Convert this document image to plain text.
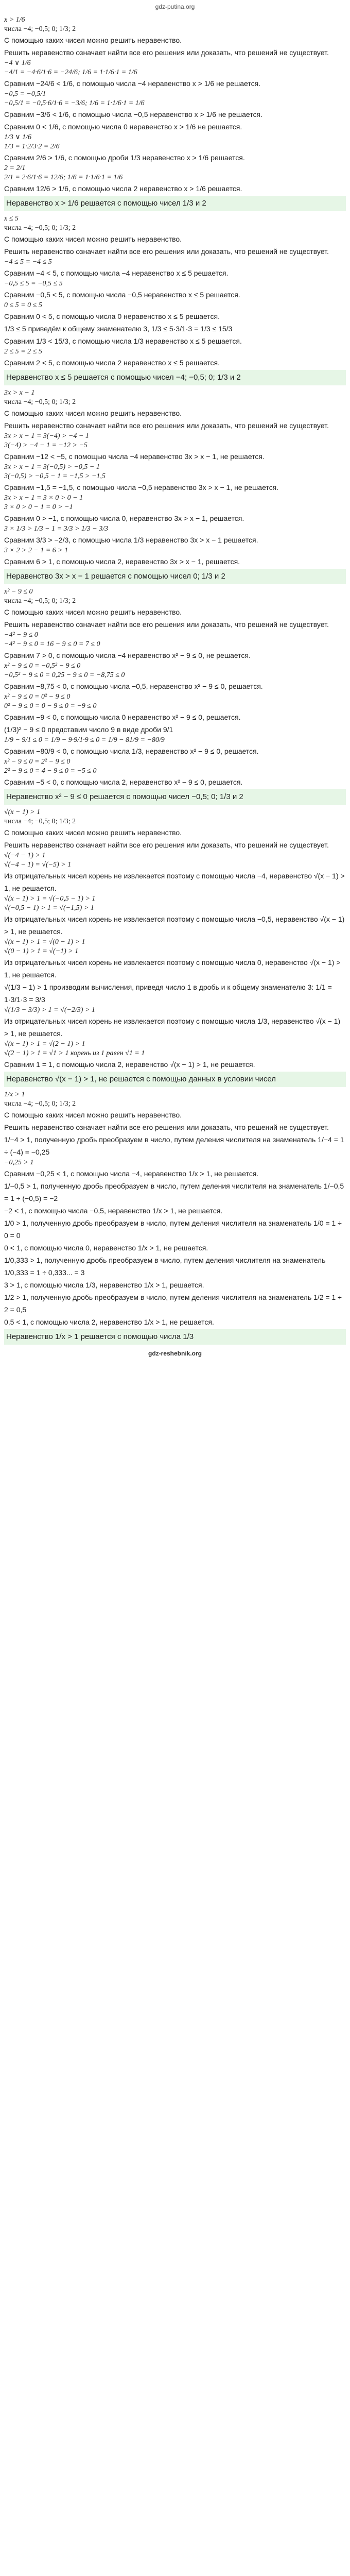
gdz-putina.org
x > 1/6
числа −4; −0,5; 0; 1/3; 2
С помощью каких чисел можно решить неравенство.
Решить неравенство означает найти все его решения или доказать, что решений не существует.
−4 ∨ 1/6
−4/1 = −4·6/1·6 = −24/6; 1/6 = 1·1/6·1 = 1/6
Сравним −24/6 < 1/6, с помощью числа −4 неравенство x > 1/6 не решается.
−0,5 = −0,5/1
−0,5/1 = −0,5·6/1·6 = −3/6; 1/6 = 1·1/6·1 = 1/6
Сравним −3/6 < 1/6, с помощью числа −0,5 неравенство x > 1/6 не решается.
Сравним 0 < 1/6, с помощью числа 0 неравенство x > 1/6 не решается.
1/3 ∨ 1/6
1/3 = 1·2/3·2 = 2/6
Сравним 2/6 > 1/6, с помощью дроби 1/3 неравенство x > 1/6 решается.
2 = 2/1
2/1 = 2·6/1·6 = 12/6; 1/6 = 1·1/6·1 = 1/6
Сравним 12/6 > 1/6, с помощью числа 2 неравенство x > 1/6 решается.
Неравенство x > 1/6 решается с помощью чисел 1/3 и 2
x ≤ 5
числа −4; −0,5; 0; 1/3; 2
С помощью каких чисел можно решить неравенство.
Решить неравенство означает найти все его решения или доказать, что решений не существует.
−4 ≤ 5 = −4 ≤ 5
Сравним −4 < 5, с помощью числа −4 неравенство x ≤ 5 решается.
−0,5 ≤ 5 = −0,5 ≤ 5
Сравним −0,5 < 5, с помощью числа −0,5 неравенство x ≤ 5 решается.
0 ≤ 5 = 0 ≤ 5
Сравним 0 < 5, с помощью числа 0 неравенство x ≤ 5 решается.
1/3 ≤ 5 приведём к общему знаменателю 3, 1/3 ≤ 5·3/1·3 = 1/3 ≤ 15/3
Сравним 1/3 < 15/3, с помощью числа 1/3 неравенство x ≤ 5 решается.
2 ≤ 5 = 2 ≤ 5
Сравним 2 < 5, с помощью числа 2 неравенство x ≤ 5 решается.
Неравенство x ≤ 5 решается с помощью чисел −4; −0,5; 0; 1/3 и 2
3x > x − 1
числа −4; −0,5; 0; 1/3; 2
С помощью каких чисел можно решить неравенство.
Решить неравенство означает найти все его решения или доказать, что решений не существует.
3x > x − 1 = 3(−4) > −4 − 1
3(−4) > −4 − 1 = −12 > −5
Сравним −12 < −5, с помощью числа −4 неравенство 3x > x − 1, не решается.
3x > x − 1 = 3(−0,5) > −0,5 − 1
3(−0,5) > −0,5 − 1 = −1,5 > −1,5
Сравним −1,5 = −1,5, с помощью числа −0,5 неравенство 3x > x − 1, не решается.
3x > x − 1 = 3 × 0 > 0 − 1
3 × 0 > 0 − 1 = 0 > −1
Сравним 0 > −1, с помощью числа 0, неравенство 3x > x − 1, решается.
3 × 1/3 > 1/3 − 1 = 3/3 > 1/3 − 3/3
Сравним 3/3 > −2/3, с помощью числа 1/3 неравенство 3x > x − 1 решается.
3 × 2 > 2 − 1 = 6 > 1
Сравним 6 > 1, с помощью числа 2, неравенство 3x > x − 1, решается.
Неравенство 3x > x − 1 решается с помощью чисел 0; 1/3 и 2
x² − 9 ≤ 0
числа −4; −0,5; 0; 1/3; 2
С помощью каких чисел можно решить неравенство.
Решить неравенство означает найти все его решения или доказать, что решений не существует.
−4² − 9 ≤ 0
−4² − 9 ≤ 0 = 16 − 9 ≤ 0 = 7 ≤ 0
Сравним 7 > 0, с помощью числа −4 неравенство x² − 9 ≤ 0, не решается.
x² − 9 ≤ 0 = −0,5² − 9 ≤ 0
−0,5² − 9 ≤ 0 = 0,25 − 9 ≤ 0 = −8,75 ≤ 0
Сравним −8,75 < 0, с помощью числа −0,5, неравенство x² − 9 ≤ 0, решается.
x² − 9 ≤ 0 = 0² − 9 ≤ 0
0² − 9 ≤ 0 = 0 − 9 ≤ 0 = −9 ≤ 0
Сравним −9 < 0, с помощью числа 0 неравенство x² − 9 ≤ 0, решается.
(1/3)² − 9 ≤ 0 представим число 9 в виде дроби 9/1
1/9 − 9/1 ≤ 0 = 1/9 − 9·9/1·9 ≤ 0 = 1/9 − 81/9 = −80/9
Сравним −80/9 < 0, с помощью числа 1/3, неравенство x² − 9 ≤ 0, решается.
x² − 9 ≤ 0 = 2² − 9 ≤ 0
2² − 9 ≤ 0 = 4 − 9 ≤ 0 = −5 ≤ 0
Сравним −5 < 0, с помощью числа 2, неравенство x² − 9 ≤ 0, решается.
Неравенство x² − 9 ≤ 0 решается с помощью чисел −0,5; 0; 1/3 и 2
√(x − 1) > 1
числа −4; −0,5; 0; 1/3; 2
С помощью каких чисел можно решить неравенство.
Решить неравенство означает найти все его решения или доказать, что решений не существует.
√(−4 − 1) > 1
√(−4 − 1) = √(−5) > 1
Из отрицательных чисел корень не извлекается поэтому с помощью числа −4, неравенство √(x − 1) > 1, не решается.
√(x − 1) > 1 = √(−0,5 − 1) > 1
√(−0,5 − 1) > 1 = √(−1,5) > 1
Из отрицательных чисел корень не извлекается поэтому с помощью числа −0,5, неравенство √(x − 1) > 1, не решается.
√(x − 1) > 1 = √(0 − 1) > 1
√(0 − 1) > 1 = √(−1) > 1
Из отрицательных чисел корень не извлекается поэтому с помощью числа 0, неравенство √(x − 1) > 1, не решается.
√(1/3 − 1) > 1 производим вычисления, приведя число 1 в дробь и к общему знаменателю 3: 1/1 = 1·3/1·3 = 3/3
√(1/3 − 3/3) > 1 = √(−2/3) > 1
Из отрицательных чисел корень не извлекается поэтому с помощью числа 1/3, неравенство √(x − 1) > 1, не решается.
√(x − 1) > 1 = √(2 − 1) > 1
√(2 − 1) > 1 = √1 > 1 корень из 1 равен √1 = 1
Сравним 1 = 1, с помощью числа 2, неравенство √(x − 1) > 1, не решается.
Неравенство √(x − 1) > 1, не решается с помощью данных в условии чисел
1/x > 1
числа −4; −0,5; 0; 1/3; 2
С помощью каких чисел можно решить неравенство.
Решить неравенство означает найти все его решения или доказать, что решений не существует.
1/−4 > 1, полученную дробь преобразуем в число, путем деления числителя на знаменатель 1/−4 = 1 ÷ (−4) = −0,25
−0,25 > 1
Сравним −0,25 < 1, с помощью числа −4, неравенство 1/x > 1, не решается.
1/−0,5 > 1, полученную дробь преобразуем в число, путем деления числителя на знаменатель 1/−0,5 = 1 ÷ (−0,5) = −2
−2 < 1, с помощью числа −0,5, неравенство 1/x > 1, не решается.
1/0 > 1, полученную дробь преобразуем в число, путем деления числителя на знаменатель 1/0 = 1 ÷ 0 = 0
0 < 1, с помощью числа 0, неравенство 1/x > 1, не решается.
1/0,333 > 1, полученную дробь преобразуем в число, путем деления числителя на знаменатель 1/0,333 = 1 ÷ 0,333... = 3
3 > 1, с помощью числа 1/3, неравенство 1/x > 1, решается.
1/2 > 1, полученную дробь преобразуем в число, путем деления числителя на знаменатель 1/2 = 1 ÷ 2 = 0,5
0,5 < 1, с помощью числа 2, неравенство 1/x > 1, не решается.
Неравенство 1/x > 1 решается с помощью числа 1/3
gdz-reshebnik.org
